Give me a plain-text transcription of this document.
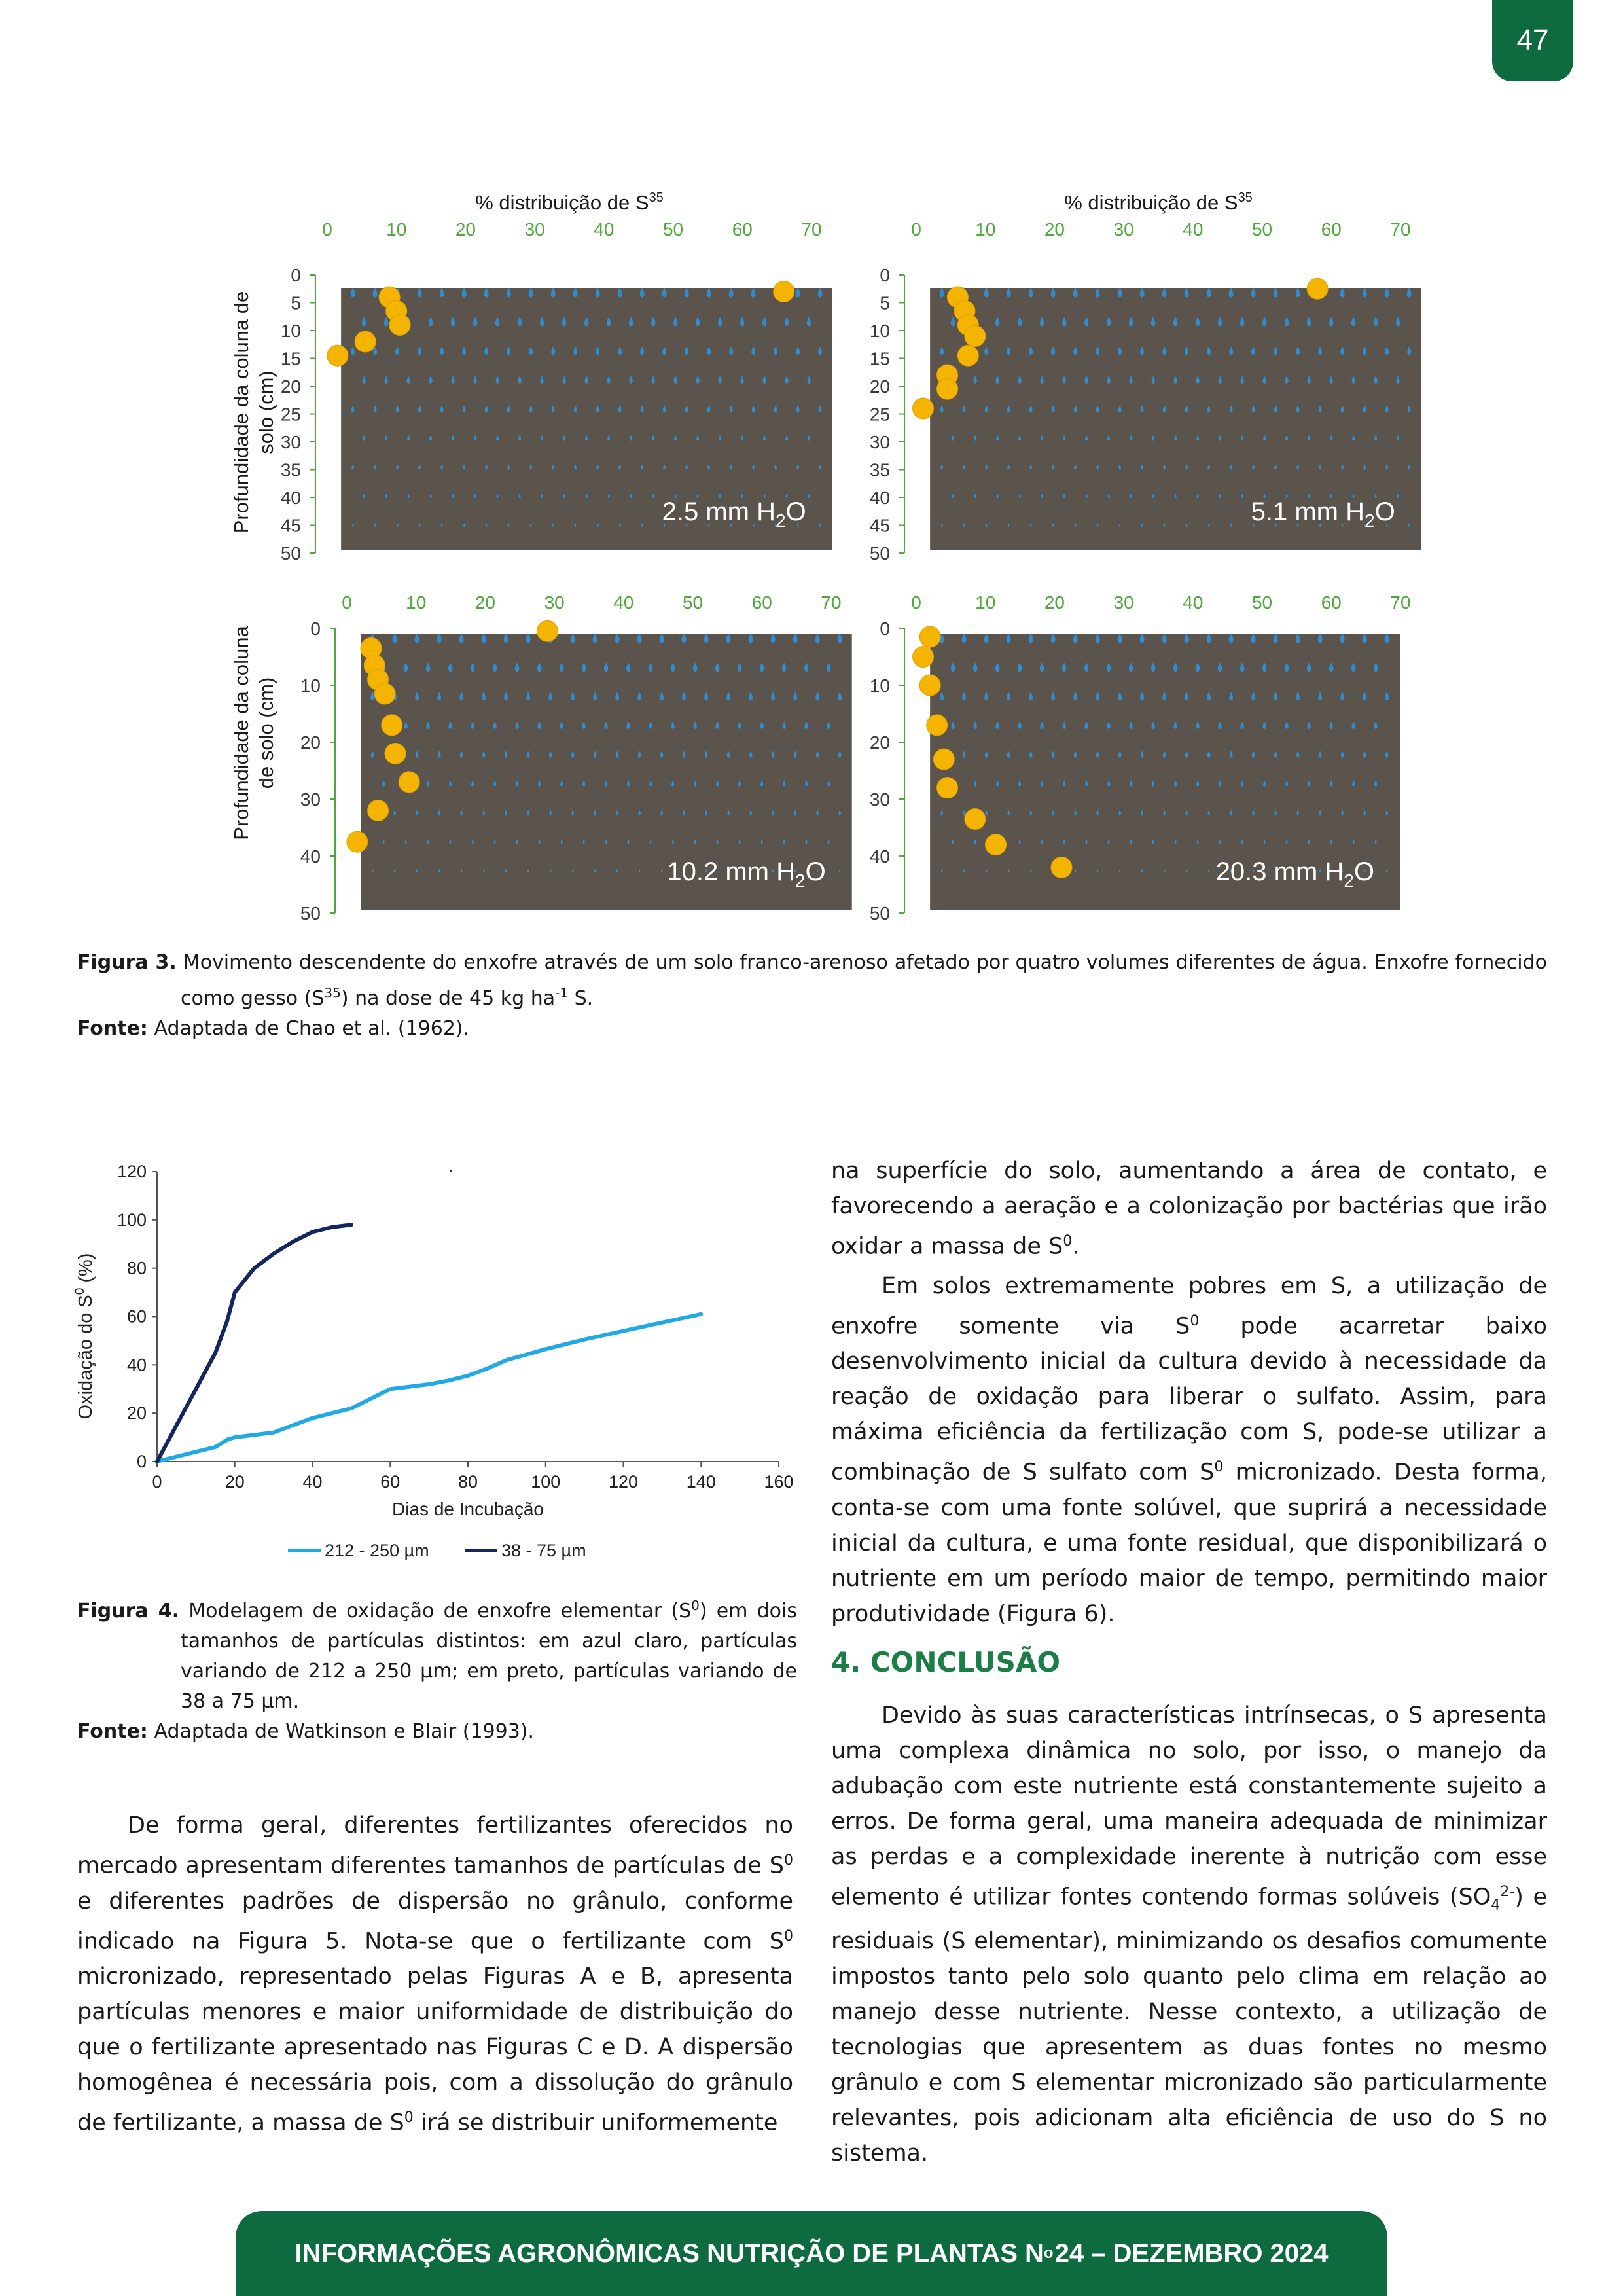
47
Profundidade da coluna de solo (cm)
Profundidade da coluna de solo (cm)
% distribuição de $S^{35}$
0	10	20	30	40	50	60	70
0
5
10
15
20
25
30
35
40
45
50
2.5 mm $H_2O$
% distribuição de $S^{35}$
0	10	20	30	40	50	60	70
0
5
10
15
20
25
30
35
40
45
50
5.1 mm $H_2O$
0	10	20	30	40	50	60	70
0
10
20
30
40
50
10.2 mm $H_2O$
0	10	20	30	40	50	60	70
0
10
20
30
40
50
20.3 mm $H_2O$
Figura 3. Movimento descendente do enxofre através de um solo franco-arenoso afetado por quatro volumes diferentes de água. Enxofre fornecido como gesso $(S^{35})$ na dose de 45 kg $ha^{-1}$ S.
Fonte: Adaptada de Chao et al. (1962).
.
0
20
40
60
80
100
120
0	20	40	60	80	100	120	140	160
Dias de Incubação
Oxidação do $S^0$ (%)
212 - 250 µm	38 - 75 µm
Figura 4. Modelagem de oxidação de enxofre elementar $(S^0)$ em dois tamanhos de partículas distintos: em azul claro, partículas variando de 212 a 250 µm; em preto, partículas variando de 38 a 75 µm.
Fonte: Adaptada de Watkinson e Blair (1993).

De forma geral, diferentes fertilizantes oferecidos no mercado apresentam diferentes tamanhos de partículas de $S^0$ e diferentes padrões de dispersão no grânulo, conforme indicado na Figura 5. Nota-se que o fertilizante com $S^0$ micronizado, representado pelas Figuras A e B, apresenta partículas menores e maior uniformidade de distribuição do que o fertilizante apresentado nas Figuras C e D. A dispersão homogênea é necessária pois, com a dissolução do grânulo de fertilizante, a massa de $S^0$ irá se distribuir uniformemente

na superfície do solo, aumentando a área de contato, e favorecendo a aeração e a colonização por bactérias que irão oxidar a massa de $S^0$.

Em solos extremamente pobres em S, a utilização de enxofre somente via $S^0$ pode acarretar baixo desenvolvimento inicial da cultura devido à necessidade da reação de oxidação para liberar o sulfato. Assim, para máxima eficiência da fertilização com S, pode-se utilizar a combinação de S sulfato com $S^0$ micronizado. Desta forma, conta-se com uma fonte solúvel, que suprirá a necessidade inicial da cultura, e uma fonte residual, que disponibilizará o nutriente em um período maior de tempo, permitindo maior produtividade (Figura 6).

4. CONCLUSÃO

Devido às suas características intrínsecas, o S apresenta uma complexa dinâmica no solo, por isso, o manejo da adubação com este nutriente está constantemente sujeito a erros. De forma geral, uma maneira adequada de minimizar as perdas e a complexidade inerente à nutrição com esse elemento é utilizar fontes contendo formas solúveis $(SO_4^{2-})$ e residuais (S elementar), minimizando os desafios comumente impostos tanto pelo solo quanto pelo clima em relação ao manejo desse nutriente. Nesse contexto, a utilização de tecnologias que apresentem as duas fontes no mesmo grânulo e com S elementar micronizado são particularmente relevantes, pois adicionam alta eficiência de uso do S no sistema.

INFORMAÇÕES AGRONÔMICAS NUTRIÇÃO DE PLANTAS N o 24 – DEZEMBRO 2024
